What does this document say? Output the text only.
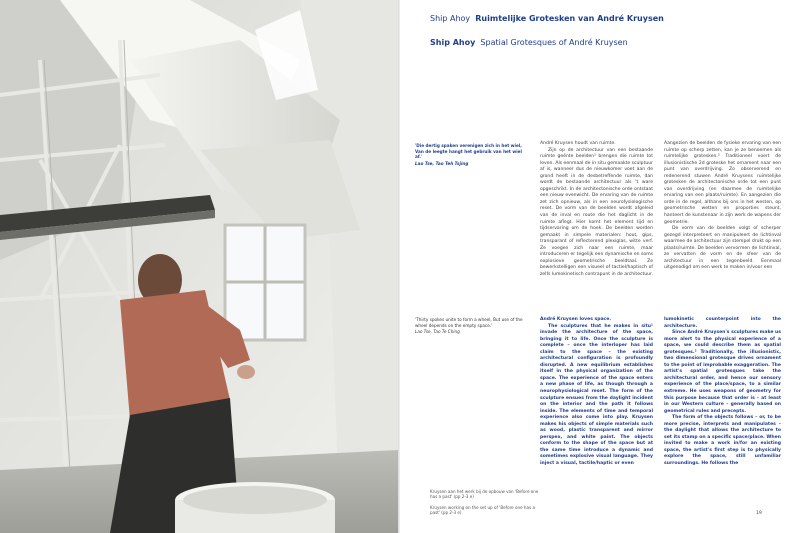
Ship Ahoy Ruimtelijke Grotesken van André Kruysen
Ship Ahoy Spatial Grotesques of André Kruysen
'Die dertig spaken verenigen zich in het wiel, Van de leegte hangt het gebruik van het wiel af.'
Lao Tse, Tao Teh Tsjing

André Kruysen houdt van ruimte.

Zijn op de architectuur van een bestaande ruimte geënte beelden¹ brengen die ruimte tot leven. Als eenmaal de in situ gemaakte sculptuur af is, wanneer dus de nieuwkomer voet aan de grond heeft in de desbetreffende ruimte, dan wordt de bestaande architectuur als 't ware opgeschrikt. In de architectonische orde ontstaat een nieuw evenwicht. De ervaring van de ruimte zet zich opnieuw, als in een neurofysiologische reset. De vorm van de beelden wordt afgeleid van de inval en route die het daglicht in de ruimte aflegt. Hier komt het element tijd en tijdservaring om de hoek. De beelden worden gemaakt in simpele materialen: hout, gips, transparant of reflecterend plexiglas, witte verf. Ze voegen zich naar een ruimte, maar introduceren er tegelijk een dynamische en soms explosieve geometrische beeldtaal. Ze bewerkstelligen een visueel of tactiel/haptisch of zelfs lumokinetisch contrapunt in de architectuur.

Aangezien de beelden de fysieke ervaring van een ruimte op scherp zetten, kan je ze benoemen als ruimtelijke grotesken.² Traditioneel voert de illusionistische 2d groteske het ornament naar een punt van overdrijving. Zo observerend en redenerend stuwen André Kruysens ruimtelijke grotesken de architectonische orde tot een punt van overdrijving (en daarmee de ruimtelijke ervaring van een plaats/ruimte). En aangezien die orde in de regel, althans bij ons in het westen, op geometrische wetten en proporties steunt, hanteert de kunstenaar in zijn werk de wapens der geometrie.

De vorm van de beelden volgt of scherper gezegd interpreteert en manipuleert de lichtinval waarmee de architectuur zijn stempel drukt op een plaats/ruimte. De beelden vervormen de lichtinval, ze vervatten de vorm en de sfeer van de architectuur in een tegenbeeld. Eenmaal uitgenodigd om een werk te maken in/voor een

'Thirty spokes unite to form a wheel, But use of the wheel depends on the empty space.'
Lao Tse, Tao Te Ching

André Kruysen loves space.

The sculptures that he makes in situ¹ invade the architecture of the space, bringing it to life. Once the sculpture is complete – once the interloper has laid claim to the space – the existing architectural configuration is profoundly disrupted. A new equilibrium establishes itself in the physical organization of the space. The experience of the space enters a new phase of life, as though through a neurophysiological reset. The form of the sculpture ensues from the daylight incident on the interior and the path it follows inside. The elements of time and temporal experience also come into play. Kruysen makes his objects of simple materials such as wood, plastic transparent and mirror perspex, and white paint. The objects conform to the shape of the space but at the same time introduce a dynamic and sometimes explosive visual language. They inject a visual, tactile/haptic or even

lumokinetic counterpoint into the architecture.

Since André Kruysen's sculptures make us more alert to the physical experience of a space, we could describe them as spatial grotesques.² Traditionally, the illusionistic, two dimensional grotesque drives ornament to the point of improbable exaggeration. The artist's spatial grotesques take the architectural order, and hence our sensory experience of the place/space, to a similar extreme. He uses weapons of geometry for this purpose because that order is – at least in our Western culture – generally based on geometrical rules and precepts.

The form of the objects follows – or, to be more precise, interprets and manipulates – the daylight that allows the architecture to set its stamp on a specific space/place. When invited to make a work in/for an existing space, the artist's first step is to physically explore the space, still unfamiliar surroundings. He follows the

Kruysen aan het werk bij de opbouw van 'Before one has a past' (pp 2-3 e)
Kruysen working on the set up of 'Before one has a past' (pp 2-3 e)	19
